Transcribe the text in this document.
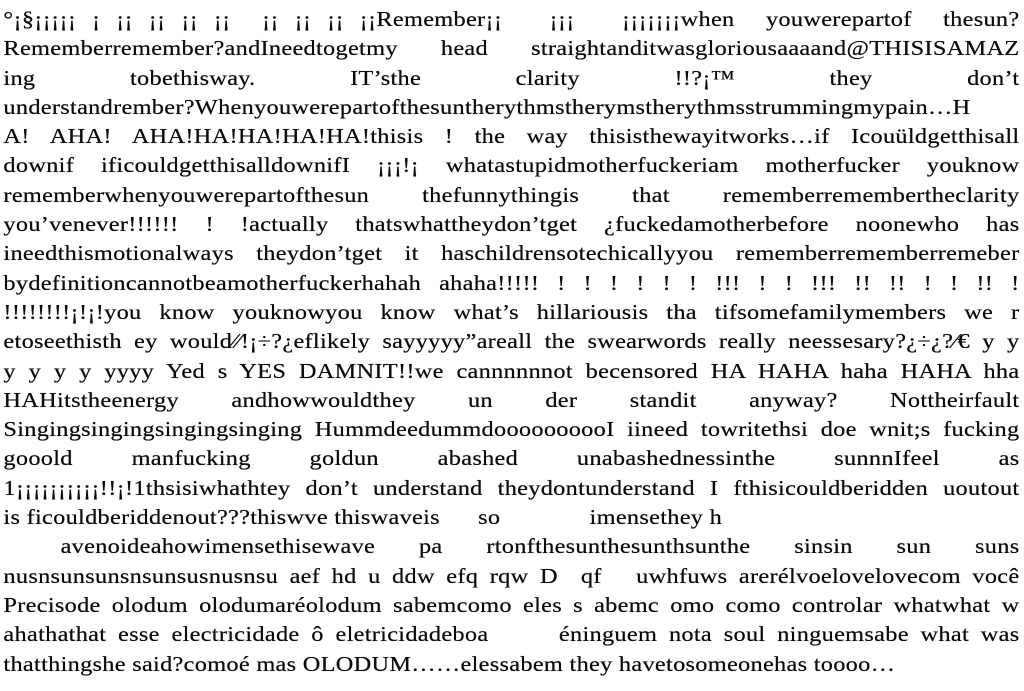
°¡§¡¡¡¡¡ ¡ ¡¡ ¡¡ ¡¡ ¡¡  ¡¡ ¡¡ ¡¡ ¡¡Remember¡¡   ¡¡¡   ¡¡¡¡¡¡¡when  youwerepartof  thesun?
Rememberremember?andIneedtogetmy head straightanditwasgloriousaaaand@THISISAMAZ
ing tobethisway. IT’sthe clarity !!?¡™ they don’t
understandrember?Whenyouwerepartofthesuntherythmstherymstherythmsstrummingmypain…H
A! AHA! AHA!HA!HA!HA!HA!thisis ! the way thisisthewayitworks…if Icouüldgetthisall
downif ificouldgetthisalldownifI ¡¡¡!¡ whatastupidmotherfuckeriam motherfucker youknow
rememberwhenyouwerepartofthesun thefunnythingis that rememberremembertheclarity
you’venever!!!!!! ! !actually thatswhattheydon’tget ¿fuckedamotherbefore noonewho has
ineedthismotionalways theydon’tget it haschildrensotechicallyyou rememberrememberremeber
bydefinitioncannotbeamotherfuckerhahah ahaha!!!!! ! ! ! ! ! ! !!! ! ! !!! !! !! ! ! !! !
!!!!!!!!¡!¡!you know youknowyou know what’s hillariousis tha tifsomefamilymembers we r
etoseethisth ey would∕∕!¡÷?¿eflikely sayyyyy”areall the swearwords really neessesary?¿÷¿?⁄€ y y
y y y y yyyy Yed s YES DAMNIT!!we cannnnnnot becensored HA HAHA haha HAHA hha
HAHitstheenergy andhowwouldthey un der standit anyway? Nottheirfault
Singingsingingsingingsinging HummdeedummdoooooooooI iineed towritethsi doe wnit;s fucking
gooold manfucking goldun abashed unabashednessinthe sunnnIfeel as
1¡¡¡¡¡¡¡¡¡¡!!¡!1thsisiwhathtey don’t understand theydontunderstand I fthisicouldberidden uoutout
is ficouldberiddenout???thiswve thiswaveis      so              imensethey h
avenoideahowimensethisewave pa rtonfthesunthesunthsunthe sinsin sun suns
nusnsunsunsnsunsusnusnsu aef hd u ddw efq rqw D  qf   uwhfuws arerélvoelovelovecom você
Precisode olodum olodumaréolodum sabemcomo eles s abemc omo como controlar whatwhat w
ahathathat esse electricidade ô eletricidadeboa      éninguem nota soul ninguemsabe what was
thatthingshe said?comoé mas OLODUM……elessabem they havetosomeonehas toooo…
